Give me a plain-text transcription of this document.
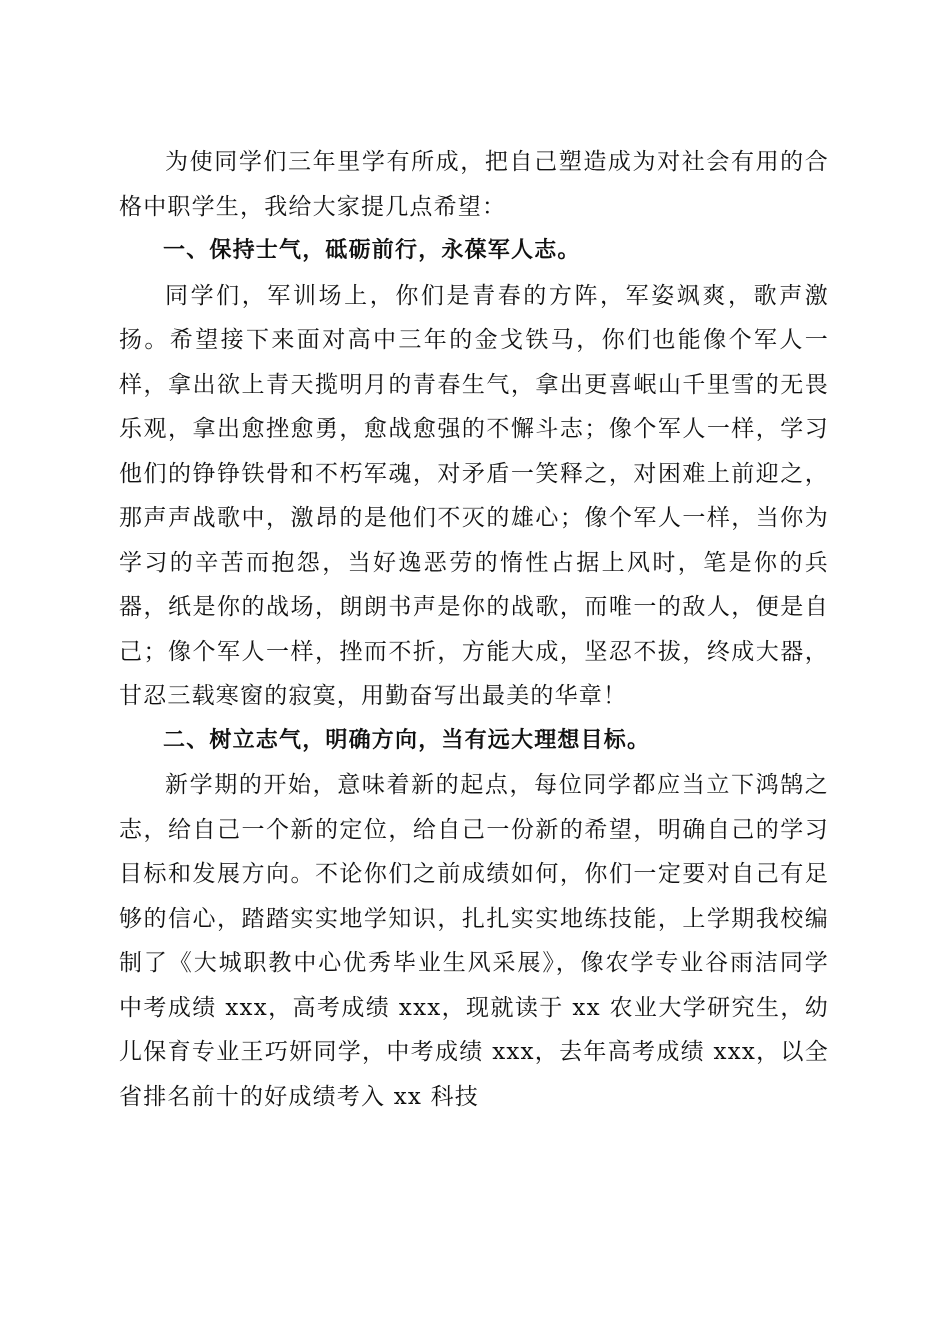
为使同学们三年里学有所成，把自己塑造成为对社会有用的合格中职学生，我给大家提几点希望：

一、保持士气，砥砺前行，永葆军人志。

同学们，军训场上，你们是青春的方阵，军姿飒爽，歌声激扬。希望接下来面对高中三年的金戈铁马，你们也能像个军人一样，拿出欲上青天揽明月的青春生气，拿出更喜岷山千里雪的无畏乐观，拿出愈挫愈勇，愈战愈强的不懈斗志；像个军人一样，学习他们的铮铮铁骨和不朽军魂，对矛盾一笑释之，对困难上前迎之，那声声战歌中，激昂的是他们不灭的雄心；像个军人一样，当你为学习的辛苦而抱怨，当好逸恶劳的惰性占据上风时，笔是你的兵器，纸是你的战场，朗朗书声是你的战歌，而唯一的敌人，便是自己；像个军人一样，挫而不折，方能大成，坚忍不拔，终成大器，甘忍三载寒窗的寂寞，用勤奋写出最美的华章！

二、树立志气，明确方向，当有远大理想目标。

新学期的开始，意味着新的起点，每位同学都应当立下鸿鹄之志，给自己一个新的定位，给自己一份新的希望，明确自己的学习目标和发展方向。不论你们之前成绩如何，你们一定要对自己有足够的信心，踏踏实实地学知识，扎扎实实地练技能，上学期我校编制了《大城职教中心优秀毕业生风采展》，像农学专业谷雨洁同学中考成绩 xxx，高考成绩 xxx，现就读于 xx 农业大学研究生，幼儿保育专业王巧妍同学，中考成绩 xxx，去年高考成绩 xxx，以全省排名前十的好成绩考入 xx 科技
